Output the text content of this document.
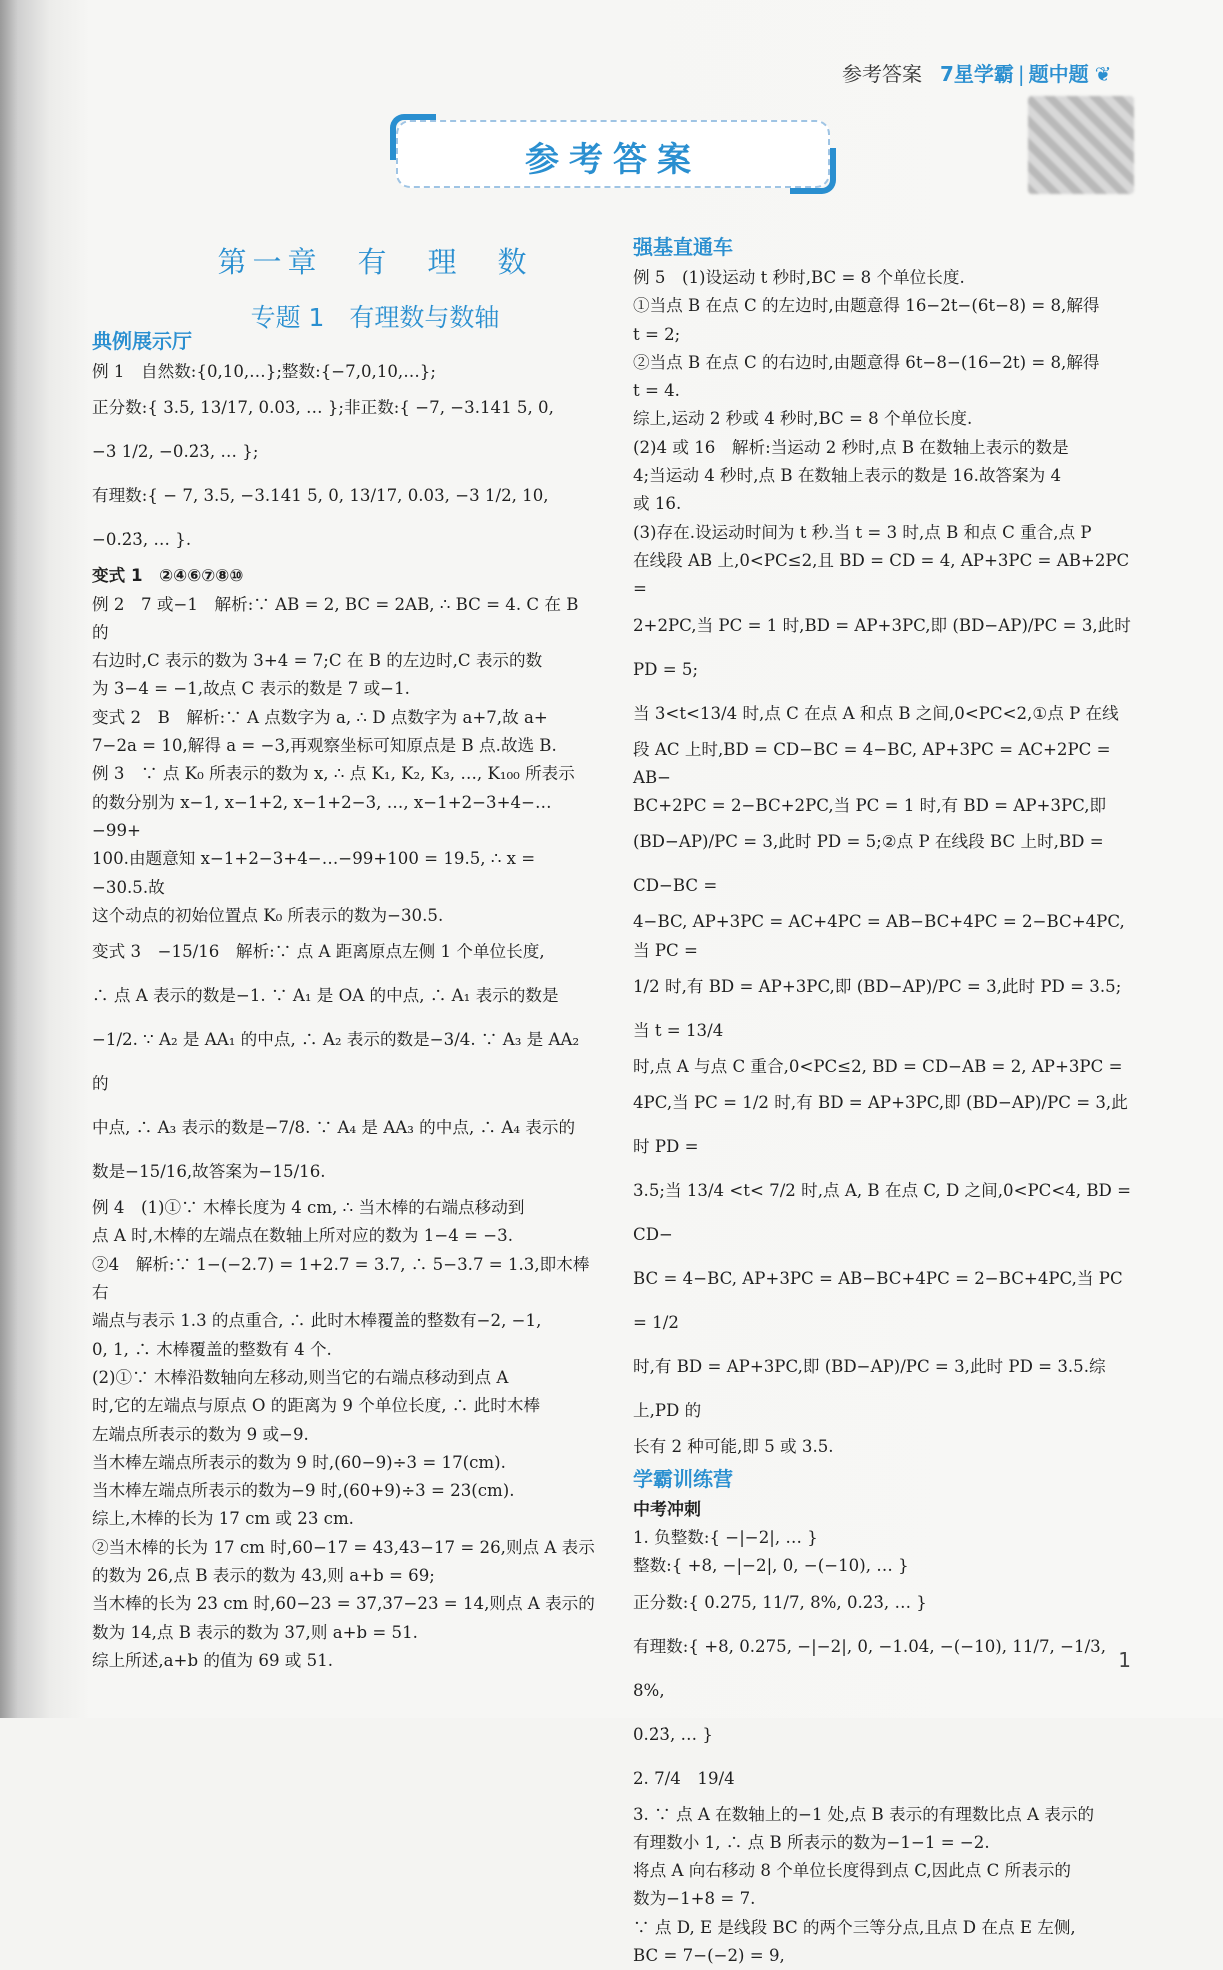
参考答案 7星学霸 | 题中题 ❦
参考答案
第一章　有　理　数
专题 1　有理数与数轴
典例展示厅
例 1　自然数:{0,10,…};整数:{−7,0,10,…};
正分数:{ 3.5, 13/17, 0.03, … };非正数:{ −7, −3.141 5, 0,
−3 1/2, −0.2̇3̇, … };
有理数:{ − 7, 3.5, −3.141 5, 0, 13/17, 0.03, −3 1/2, 10,
−0.2̇3̇, … }.
变式 1　②④⑥⑦⑧⑩
例 2　7 或−1　解析:∵ AB = 2, BC = 2AB, ∴ BC = 4. C 在 B 的
右边时,C 表示的数为 3+4 = 7;C 在 B 的左边时,C 表示的数
为 3−4 = −1,故点 C 表示的数是 7 或−1.
变式 2　B　解析:∵ A 点数字为 a, ∴ D 点数字为 a+7,故 a+
7−2a = 10,解得 a = −3,再观察坐标可知原点是 B 点.故选 B.
例 3　∵ 点 K₀ 所表示的数为 x, ∴ 点 K₁, K₂, K₃, …, K₁₀₀ 所表示
的数分别为 x−1, x−1+2, x−1+2−3, …, x−1+2−3+4−…−99+
100.由题意知 x−1+2−3+4−…−99+100 = 19.5, ∴ x = −30.5.故
这个动点的初始位置点 K₀ 所表示的数为−30.5.
变式 3　−15/16　解析:∵ 点 A 距离原点左侧 1 个单位长度,
∴ 点 A 表示的数是−1. ∵ A₁ 是 OA 的中点, ∴ A₁ 表示的数是
−1/2. ∵ A₂ 是 AA₁ 的中点, ∴ A₂ 表示的数是−3/4. ∵ A₃ 是 AA₂ 的
中点, ∴ A₃ 表示的数是−7/8. ∵ A₄ 是 AA₃ 的中点, ∴ A₄ 表示的
数是−15/16,故答案为−15/16.
例 4　(1)①∵ 木棒长度为 4 cm, ∴ 当木棒的右端点移动到
点 A 时,木棒的左端点在数轴上所对应的数为 1−4 = −3.
②4　解析:∵ 1−(−2.7) = 1+2.7 = 3.7, ∴ 5−3.7 = 1.3,即木棒右
端点与表示 1.3 的点重合, ∴ 此时木棒覆盖的整数有−2, −1,
0, 1, ∴ 木棒覆盖的整数有 4 个.
(2)①∵ 木棒沿数轴向左移动,则当它的右端点移动到点 A
时,它的左端点与原点 O 的距离为 9 个单位长度, ∴ 此时木棒
左端点所表示的数为 9 或−9.
当木棒左端点所表示的数为 9 时,(60−9)÷3 = 17(cm).
当木棒左端点所表示的数为−9 时,(60+9)÷3 = 23(cm).
综上,木棒的长为 17 cm 或 23 cm.
②当木棒的长为 17 cm 时,60−17 = 43,43−17 = 26,则点 A 表示
的数为 26,点 B 表示的数为 43,则 a+b = 69;
当木棒的长为 23 cm 时,60−23 = 37,37−23 = 14,则点 A 表示的
数为 14,点 B 表示的数为 37,则 a+b = 51.
综上所述,a+b 的值为 69 或 51.
强基直通车
例 5　(1)设运动 t 秒时,BC = 8 个单位长度.
①当点 B 在点 C 的左边时,由题意得 16−2t−(6t−8) = 8,解得
t = 2;
②当点 B 在点 C 的右边时,由题意得 6t−8−(16−2t) = 8,解得
t = 4.
综上,运动 2 秒或 4 秒时,BC = 8 个单位长度.
(2)4 或 16　解析:当运动 2 秒时,点 B 在数轴上表示的数是
4;当运动 4 秒时,点 B 在数轴上表示的数是 16.故答案为 4
或 16.
(3)存在.设运动时间为 t 秒.当 t = 3 时,点 B 和点 C 重合,点 P
在线段 AB 上,0<PC≤2,且 BD = CD = 4, AP+3PC = AB+2PC =
2+2PC,当 PC = 1 时,BD = AP+3PC,即 (BD−AP)/PC = 3,此时 PD = 5;
当 3<t<13/4 时,点 C 在点 A 和点 B 之间,0<PC<2,①点 P 在线
段 AC 上时,BD = CD−BC = 4−BC, AP+3PC = AC+2PC = AB−
BC+2PC = 2−BC+2PC,当 PC = 1 时,有 BD = AP+3PC,即
(BD−AP)/PC = 3,此时 PD = 5;②点 P 在线段 BC 上时,BD = CD−BC =
4−BC, AP+3PC = AC+4PC = AB−BC+4PC = 2−BC+4PC,当 PC =
1/2 时,有 BD = AP+3PC,即 (BD−AP)/PC = 3,此时 PD = 3.5;当 t = 13/4
时,点 A 与点 C 重合,0<PC≤2, BD = CD−AB = 2, AP+3PC =
4PC,当 PC = 1/2 时,有 BD = AP+3PC,即 (BD−AP)/PC = 3,此时 PD =
3.5;当 13/4 <t< 7/2 时,点 A, B 在点 C, D 之间,0<PC<4, BD = CD−
BC = 4−BC, AP+3PC = AB−BC+4PC = 2−BC+4PC,当 PC = 1/2
时,有 BD = AP+3PC,即 (BD−AP)/PC = 3,此时 PD = 3.5.综上,PD 的
长有 2 种可能,即 5 或 3.5.
学霸训练营
中考冲刺
1. 负整数:{ −|−2|, … }
整数:{ +8, −|−2|, 0, −(−10), … }
正分数:{ 0.275, 11/7, 8%, 0.2̇3̇, … }
有理数:{ +8, 0.275, −|−2|, 0, −1.04, −(−10), 11/7, −1/3, 8%,
0.2̇3̇, … }
2. 7/4　19/4
3. ∵ 点 A 在数轴上的−1 处,点 B 表示的有理数比点 A 表示的
有理数小 1, ∴ 点 B 所表示的数为−1−1 = −2.
将点 A 向右移动 8 个单位长度得到点 C,因此点 C 所表示的
数为−1+8 = 7.
∵ 点 D, E 是线段 BC 的两个三等分点,且点 D 在点 E 左侧,
BC = 7−(−2) = 9,
1
